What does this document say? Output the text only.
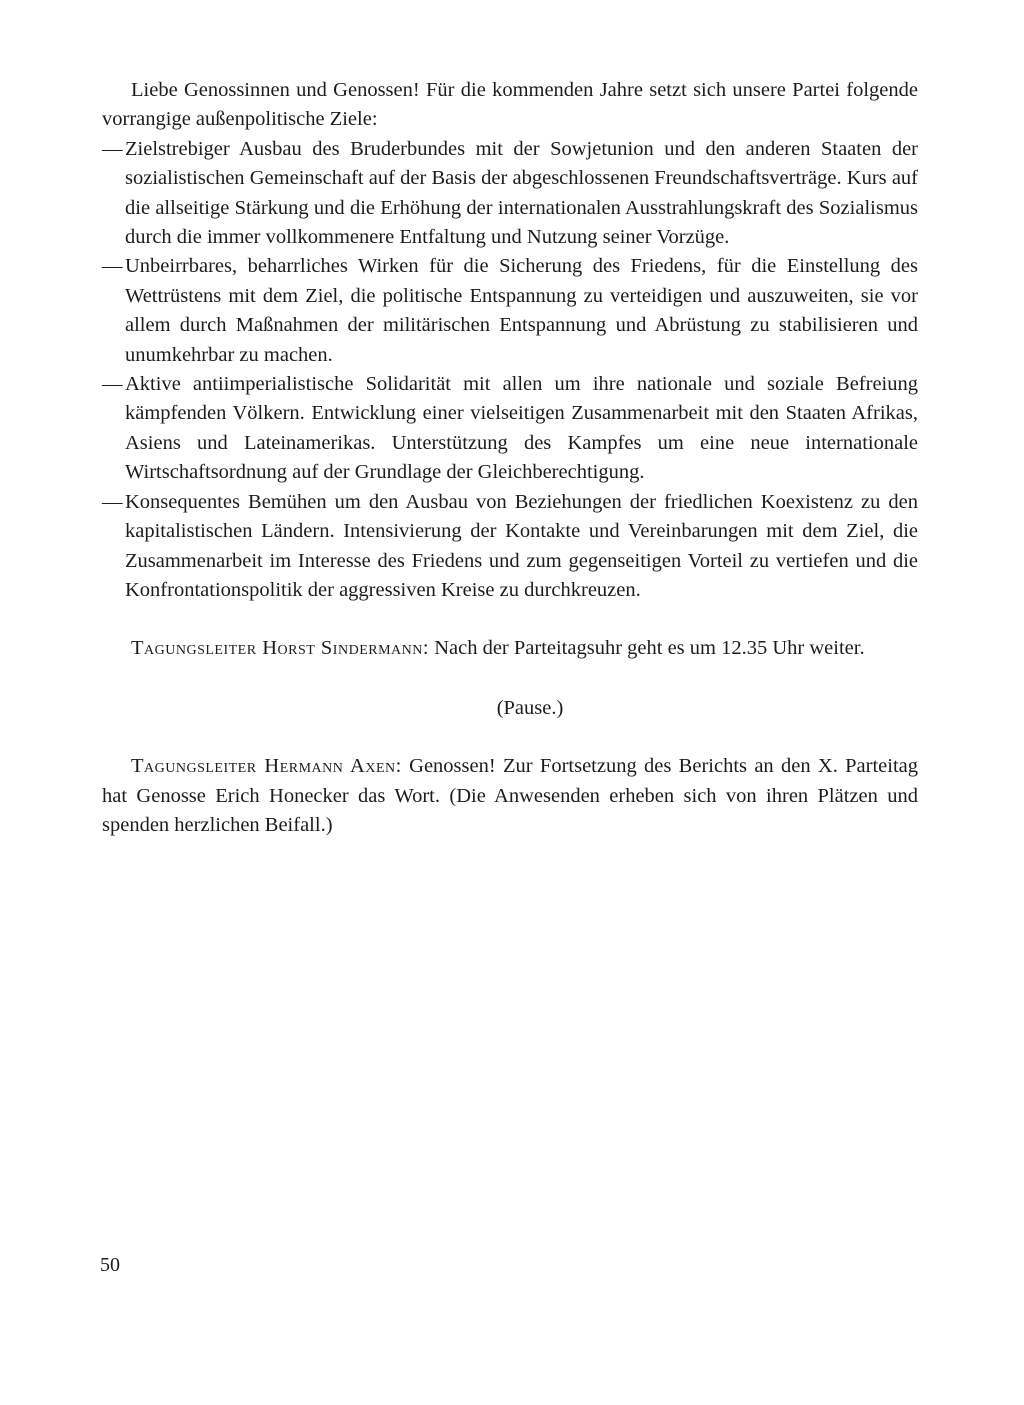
Liebe Genossinnen und Genossen! Für die kommenden Jahre setzt sich unsere Partei folgende vorrangige außenpolitische Ziele:

— Zielstrebiger Ausbau des Bruderbundes mit der Sowjetunion und den anderen Staaten der sozialistischen Gemeinschaft auf der Basis der abgeschlossenen Freundschaftsverträge. Kurs auf die allseitige Stärkung und die Erhöhung der internationalen Ausstrahlungskraft des Sozialismus durch die immer vollkommenere Entfaltung und Nutzung seiner Vorzüge.

— Unbeirrbares, beharrliches Wirken für die Sicherung des Friedens, für die Einstellung des Wettrüstens mit dem Ziel, die politische Entspannung zu verteidigen und auszuweiten, sie vor allem durch Maßnahmen der militärischen Entspannung und Abrüstung zu stabilisieren und unumkehrbar zu machen.

— Aktive antiimperialistische Solidarität mit allen um ihre nationale und soziale Befreiung kämpfenden Völkern. Entwicklung einer vielseitigen Zusammenarbeit mit den Staaten Afrikas, Asiens und Lateinamerikas. Unterstützung des Kampfes um eine neue internationale Wirtschaftsordnung auf der Grundlage der Gleichberechtigung.

— Konsequentes Bemühen um den Ausbau von Beziehungen der friedlichen Koexistenz zu den kapitalistischen Ländern. Intensivierung der Kontakte und Vereinbarungen mit dem Ziel, die Zusammenarbeit im Interesse des Friedens und zum gegenseitigen Vorteil zu vertiefen und die Konfrontationspolitik der aggressiven Kreise zu durchkreuzen.

Tagungsleiter Horst Sindermann: Nach der Parteitagsuhr geht es um 12.35 Uhr weiter.

(Pause.)

Tagungsleiter Hermann Axen: Genossen! Zur Fortsetzung des Berichts an den X. Parteitag hat Genosse Erich Honecker das Wort. (Die Anwesenden erheben sich von ihren Plätzen und spenden herzlichen Beifall.)

50
